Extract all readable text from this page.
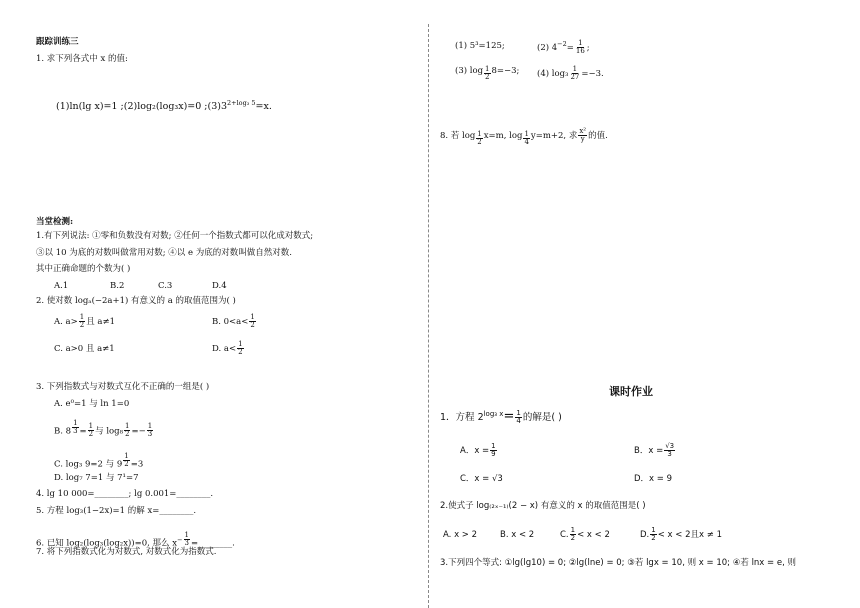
跟踪训练三
1. 求下列各式中 x 的值:
(1)ln(lg x)=1 ;(2)log₂(log₃x)=0 $;(3)3^{2+log_3 5}=x$.
当堂检测:
1.有下列说法: ①零和负数没有对数; ②任何一个指数式都可以化成对数式;
③以 10 为底的对数叫做常用对数; ④以 e 为底的对数叫做自然对数.
其中正确命题的个数为( )
A.1	B.2	C.3	D.4
2. 使对数 logₐ(−2a+1) 有意义的 a 的取值范围为( )
A. $a> \frac{1}{2}$ 且 a≠1	B. $0<a< \frac{1}{2}$
C. a>0 且 a≠1	D. $a< \frac{1}{2}$
3. 下列指数式与对数式互化不正确的一组是( )
A. e⁰=1 与 ln 1=0
B. 8 $^{\frac{1}{3}} = \frac{1}{2}$ 与 $\log_8 \frac{1}{2} =- \frac{1}{3}$
C. log₃ 9=2 与 9 $^{\frac{1}{2}}$ =3
D. log₇ 7=1 与 7¹=7
4. lg 10 000=________; lg 0.001=________.
5. 方程 log₃(1−2x)=1 的解 x=________.
6. 已知 log₂(log₃(log₂x))=0, 那么 $x^{- \frac{1}{3}}$ =________.
7. 将下列指数式化为对数式, 对数式化为指数式.
(1) 5³=125;	(2) $4^{-2}= \frac{1}{16}$ ;
(3) log $_{\frac{1}{2}}$ 8=−3; (4) $\log_3 \frac{1}{27} =-3$.
8. 若 log $_{\frac{1}{2}}$ x=m, log $_{\frac{1}{4}}$ y=m+2, 求 $\frac{\text{x²}}{y}$ 的值.
课时作业
1．方程 $2^{log_3 x}= \frac{1}{4}$ 的解是( )
A．$x = \frac{1}{9}$	B．$x = \frac{√3}{3}$
C．x = √3	D．x = 9
2.使式子 log₍₂ₓ₋₁₎(2 − x) 有意义的 x 的取值范围是( )
A. x > 2	B. x < 2	C. $\frac{1}{2} < x < 2$	D. $\frac{1}{2} < x < 2$且x ≠ 1
3.下列四个等式: ①lg(lg10) = 0; ②lg(lne) = 0; ③若 lgx = 10, 则 x = 10; ④若 lnx = e, 则
